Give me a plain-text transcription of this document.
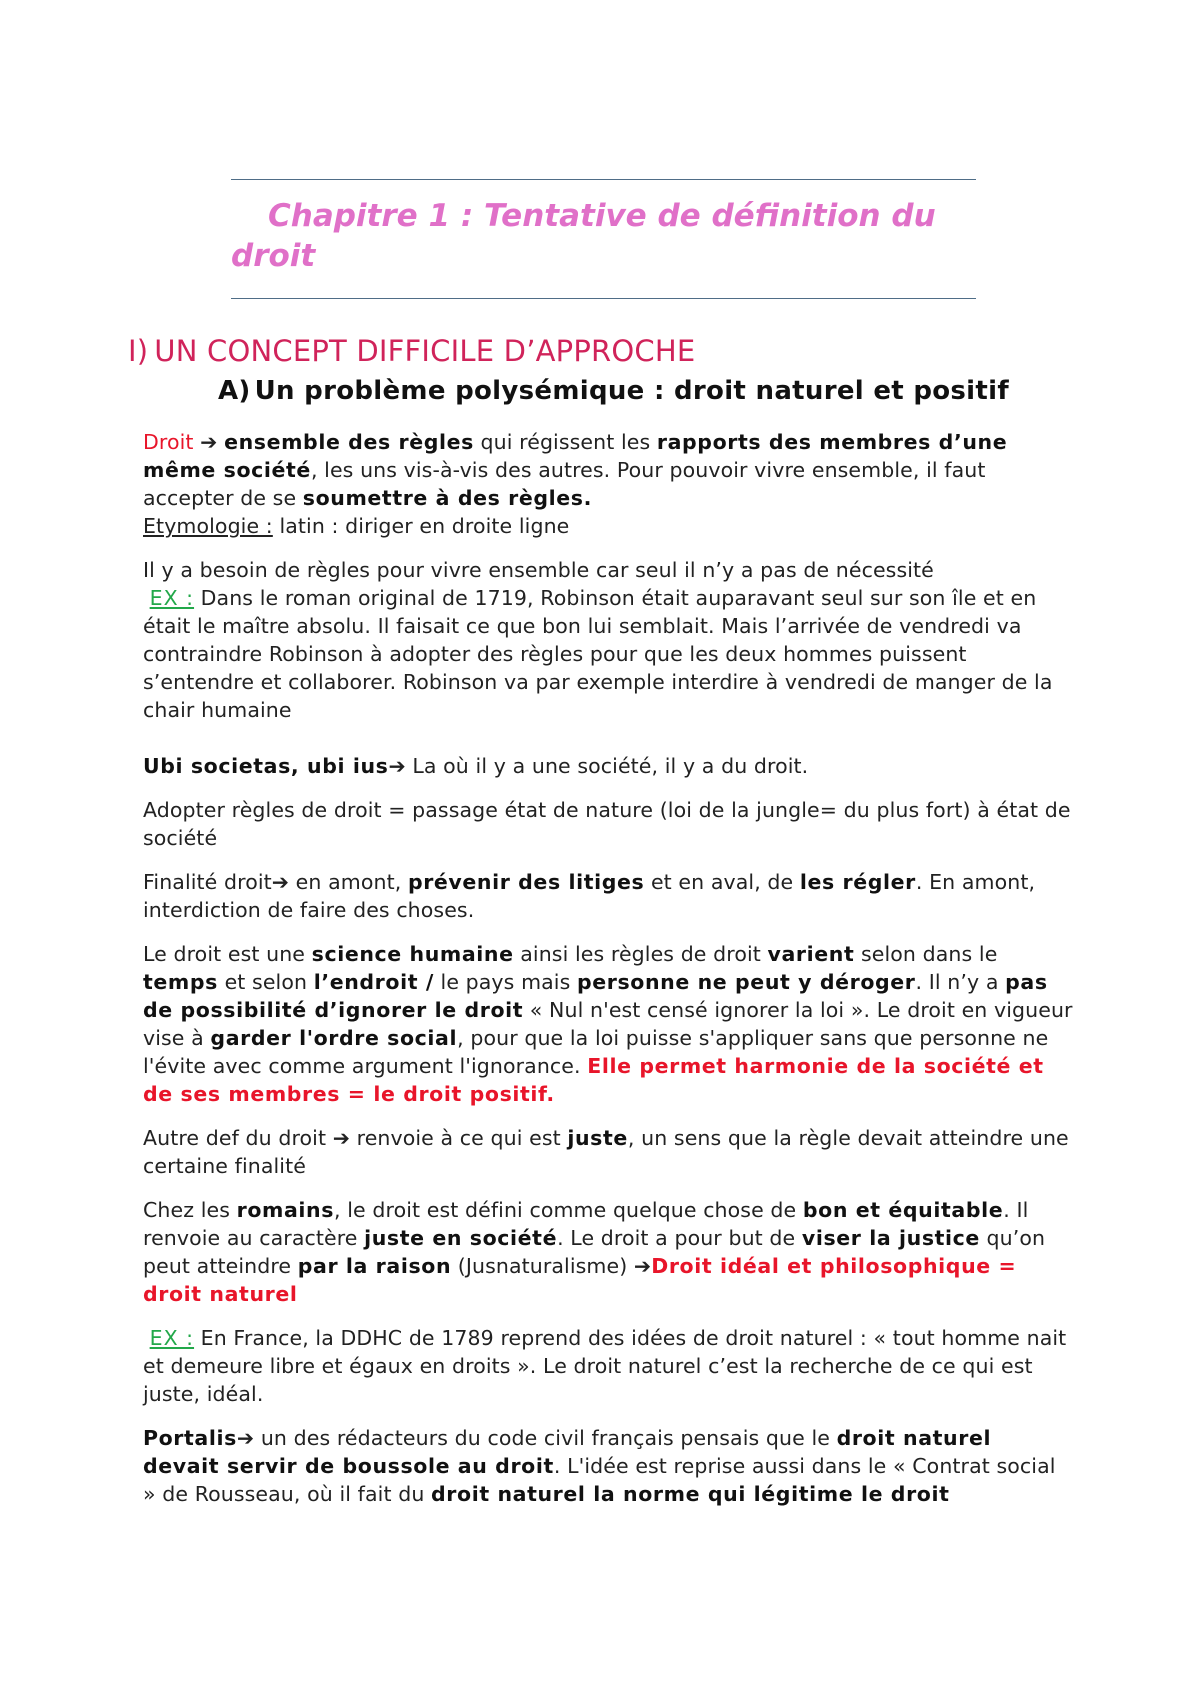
Chapitre 1 : Tentative de définition du droit
I) UN CONCEPT DIFFICILE D’APPROCHE
A) Un problème polysémique : droit naturel et positif

Droit ➔ ensemble des règles qui régissent les rapports des membres d’une même société, les uns vis-à-vis des autres. Pour pouvoir vivre ensemble, il faut accepter de se soumettre à des règles.
Etymologie : latin : diriger en droite ligne

Il y a besoin de règles pour vivre ensemble car seul il n’y a pas de nécessité
EX : Dans le roman original de 1719, Robinson était auparavant seul sur son île et en était le maître absolu. Il faisait ce que bon lui semblait. Mais l’arrivée de vendredi va contraindre Robinson à adopter des règles pour que les deux hommes puissent s’entendre et collaborer. Robinson va par exemple interdire à vendredi de manger de la chair humaine

Ubi societas, ubi ius➔ La où il y a une société, il y a du droit.

Adopter règles de droit = passage état de nature (loi de la jungle= du plus fort) à état de société

Finalité droit➔ en amont, prévenir des litiges et en aval, de les régler. En amont, interdiction de faire des choses.

Le droit est une science humaine ainsi les règles de droit varient selon dans le temps et selon l’endroit / le pays mais personne ne peut y déroger. Il n’y a pas de possibilité d’ignorer le droit « Nul n'est censé ignorer la loi ». Le droit en vigueur vise à garder l'ordre social, pour que la loi puisse s'appliquer sans que personne ne l'évite avec comme argument l'ignorance. Elle permet harmonie de la société et de ses membres = le droit positif.

Autre def du droit ➔ renvoie à ce qui est juste, un sens que la règle devait atteindre une certaine finalité

Chez les romains, le droit est défini comme quelque chose de bon et équitable. Il renvoie au caractère juste en société. Le droit a pour but de viser la justice qu’on peut atteindre par la raison (Jusnaturalisme) ➔Droit idéal et philosophique = droit naturel

EX : En France, la DDHC de 1789 reprend des idées de droit naturel : « tout homme nait et demeure libre et égaux en droits ». Le droit naturel c’est la recherche de ce qui est juste, idéal.

Portalis➔ un des rédacteurs du code civil français pensais que le droit naturel devait servir de boussole au droit. L'idée est reprise aussi dans le « Contrat social » de Rousseau, où il fait du droit naturel la norme qui légitime le droit
